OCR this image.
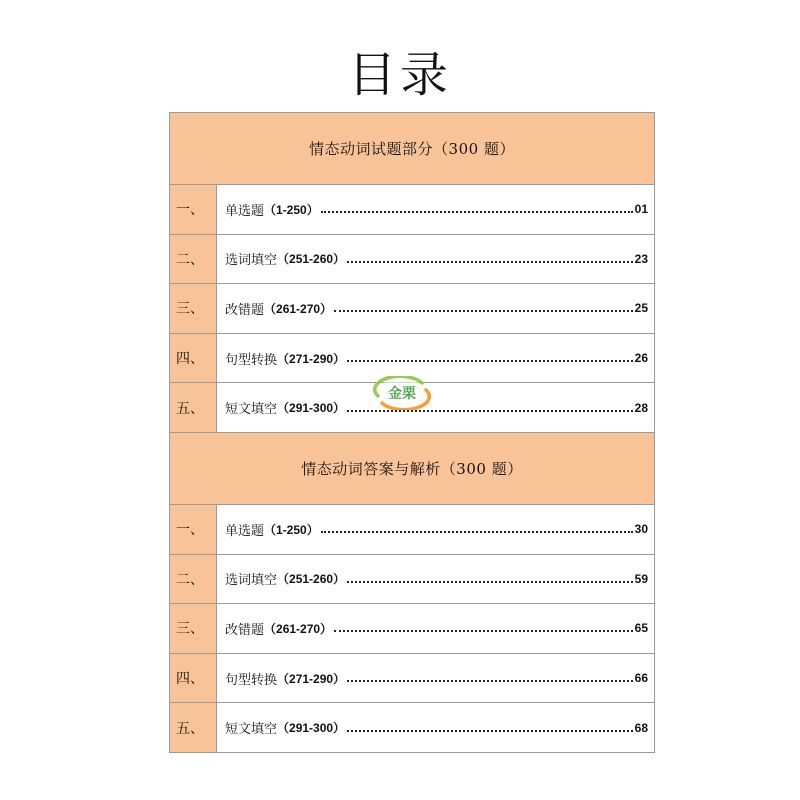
目录
情态动词试题部分（300 题）
一、	单选题 （1-250）	01
二、	选词填空 （251-260）	23
三、	改错题 （261-270）	25
四、	句型转换 （271-290）	26
五、	短文填空 （291-300）	28
情态动词答案与解析（300 题）
一、	单选题 （1-250）	30
二、	选词填空 （251-260）	59
三、	改错题 （261-270）	65
四、	句型转换 （271-290）	66
五、	短文填空 （291-300）	68
金栗
